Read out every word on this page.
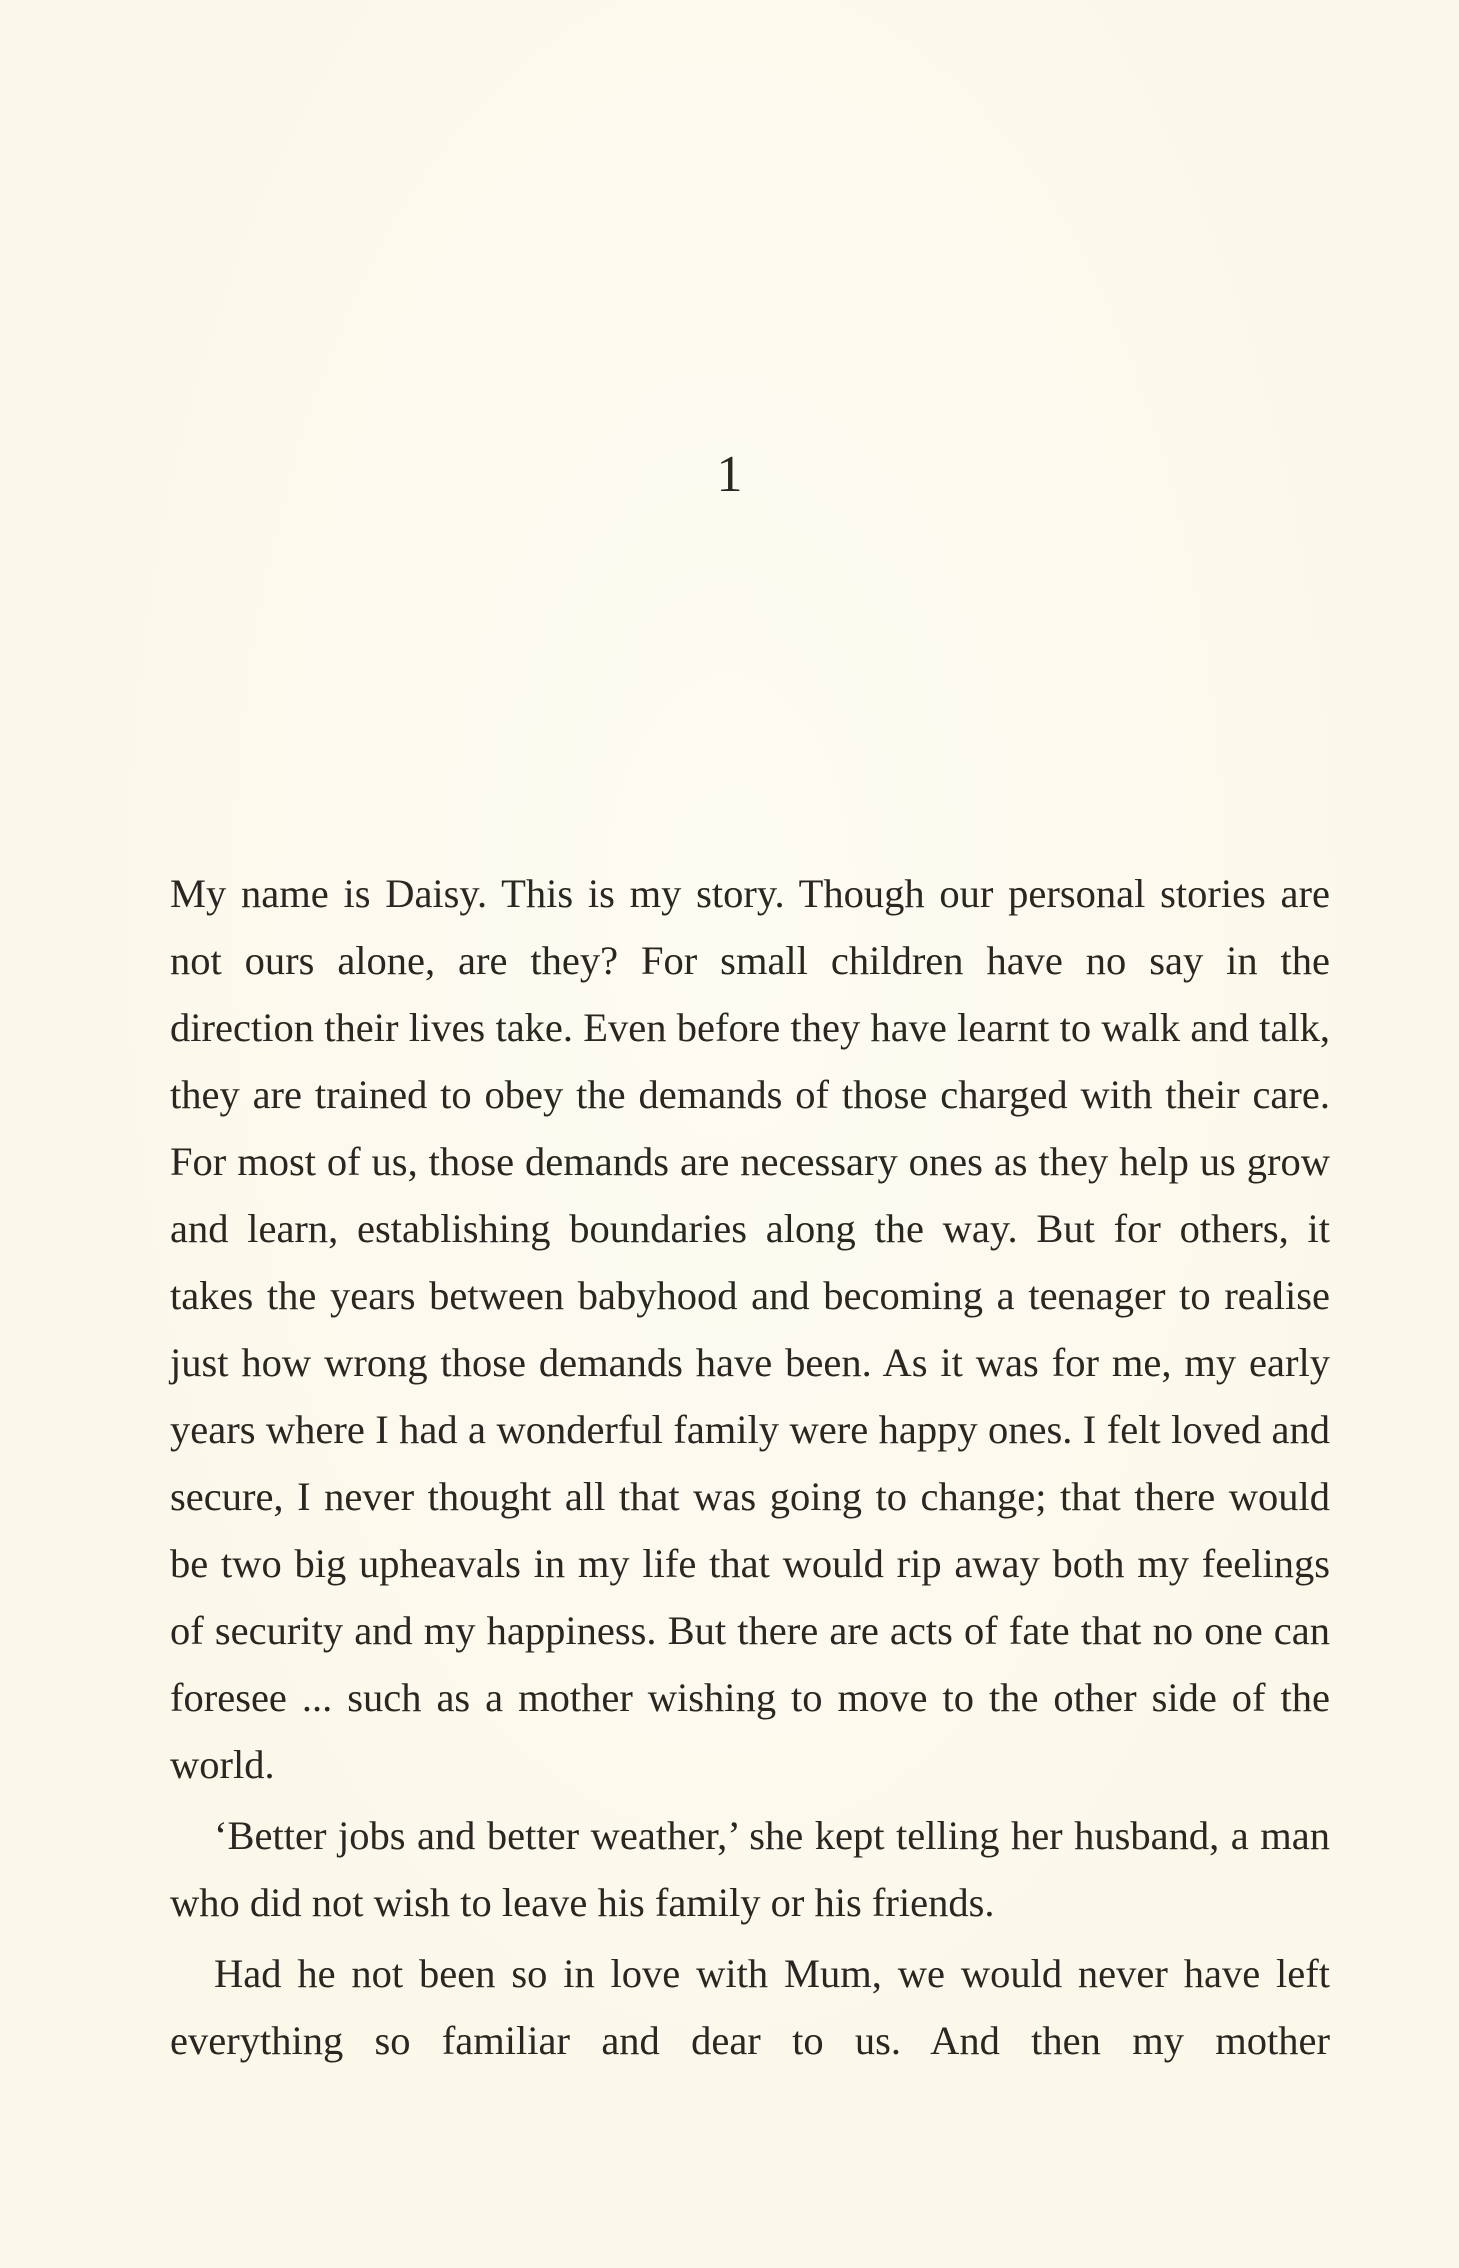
1

My name is Daisy. This is my story. Though our personal stories are not ours alone, are they? For small children have no say in the direction their lives take. Even before they have learnt to walk and talk, they are trained to obey the demands of those charged with their care. For most of us, those demands are necessary ones as they help us grow and learn, establishing boundaries along the way. But for others, it takes the years between babyhood and becoming a teenager to realise just how wrong those demands have been. As it was for me, my early years where I had a wonderful family were happy ones. I felt loved and secure, I never thought all that was going to change; that there would be two big upheavals in my life that would rip away both my feelings of security and my happiness. But there are acts of fate that no one can foresee ... such as a mother wishing to move to the other side of the world.

‘Better jobs and better weather,’ she kept telling her husband, a man who did not wish to leave his family or his friends.

Had he not been so in love with Mum, we would never have left everything so familiar and dear to us. And then my mother
